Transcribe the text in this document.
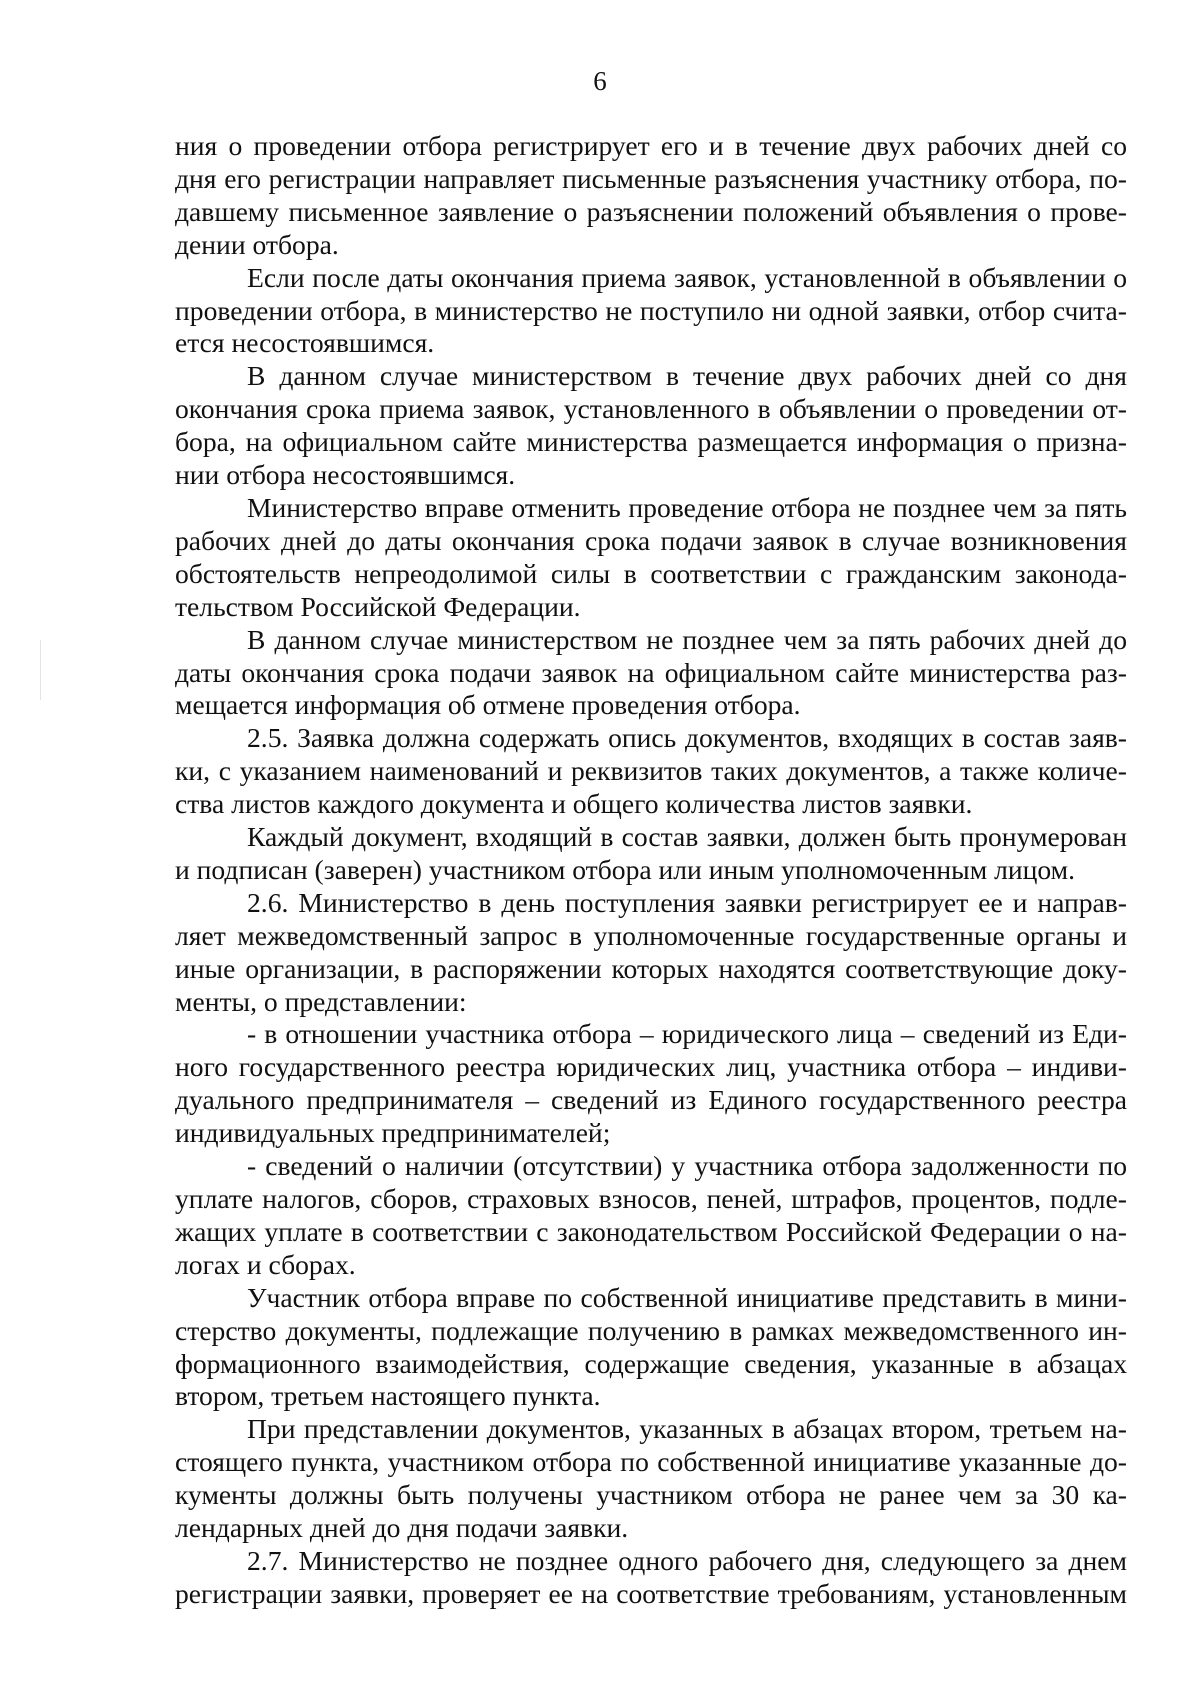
6

ния о проведении отбора регистрирует его и в течение двух рабочих дней со
дня его регистрации направляет письменные разъяснения участнику отбора, по-
давшему письменное заявление о разъяснении положений объявления о прове-
дении отбора.

Если после даты окончания приема заявок, установленной в объявлении о
проведении отбора, в министерство не поступило ни одной заявки, отбор счита-
ется несостоявшимся.

В данном случае министерством в течение двух рабочих дней со дня
окончания срока приема заявок, установленного в объявлении о проведении от-
бора, на официальном сайте министерства размещается информация о призна-
нии отбора несостоявшимся.

Министерство вправе отменить проведение отбора не позднее чем за пять
рабочих дней до даты окончания срока подачи заявок в случае возникновения
обстоятельств непреодолимой силы в соответствии с гражданским законода-
тельством Российской Федерации.

В данном случае министерством не позднее чем за пять рабочих дней до
даты окончания срока подачи заявок на официальном сайте министерства раз-
мещается информация об отмене проведения отбора.

2.5. Заявка должна содержать опись документов, входящих в состав заяв-
ки, с указанием наименований и реквизитов таких документов, а также количе-
ства листов каждого документа и общего количества листов заявки.

Каждый документ, входящий в состав заявки, должен быть пронумерован
и подписан (заверен) участником отбора или иным уполномоченным лицом.

2.6. Министерство в день поступления заявки регистрирует ее и направ-
ляет межведомственный запрос в уполномоченные государственные органы и
иные организации, в распоряжении которых находятся соответствующие доку-
менты, о представлении:

- в отношении участника отбора – юридического лица – сведений из Еди-
ного государственного реестра юридических лиц, участника отбора – индиви-
дуального предпринимателя – сведений из Единого государственного реестра
индивидуальных предпринимателей;

- сведений о наличии (отсутствии) у участника отбора задолженности по
уплате налогов, сборов, страховых взносов, пеней, штрафов, процентов, подле-
жащих уплате в соответствии с законодательством Российской Федерации о на-
логах и сборах.

Участник отбора вправе по собственной инициативе представить в мини-
стерство документы, подлежащие получению в рамках межведомственного ин-
формационного взаимодействия, содержащие сведения, указанные в абзацах
втором, третьем настоящего пункта.

При представлении документов, указанных в абзацах втором, третьем на-
стоящего пункта, участником отбора по собственной инициативе указанные до-
кументы должны быть получены участником отбора не ранее чем за 30 ка-
лендарных дней до дня подачи заявки.

2.7. Министерство не позднее одного рабочего дня, следующего за днем
регистрации заявки, проверяет ее на соответствие требованиям, установленным
